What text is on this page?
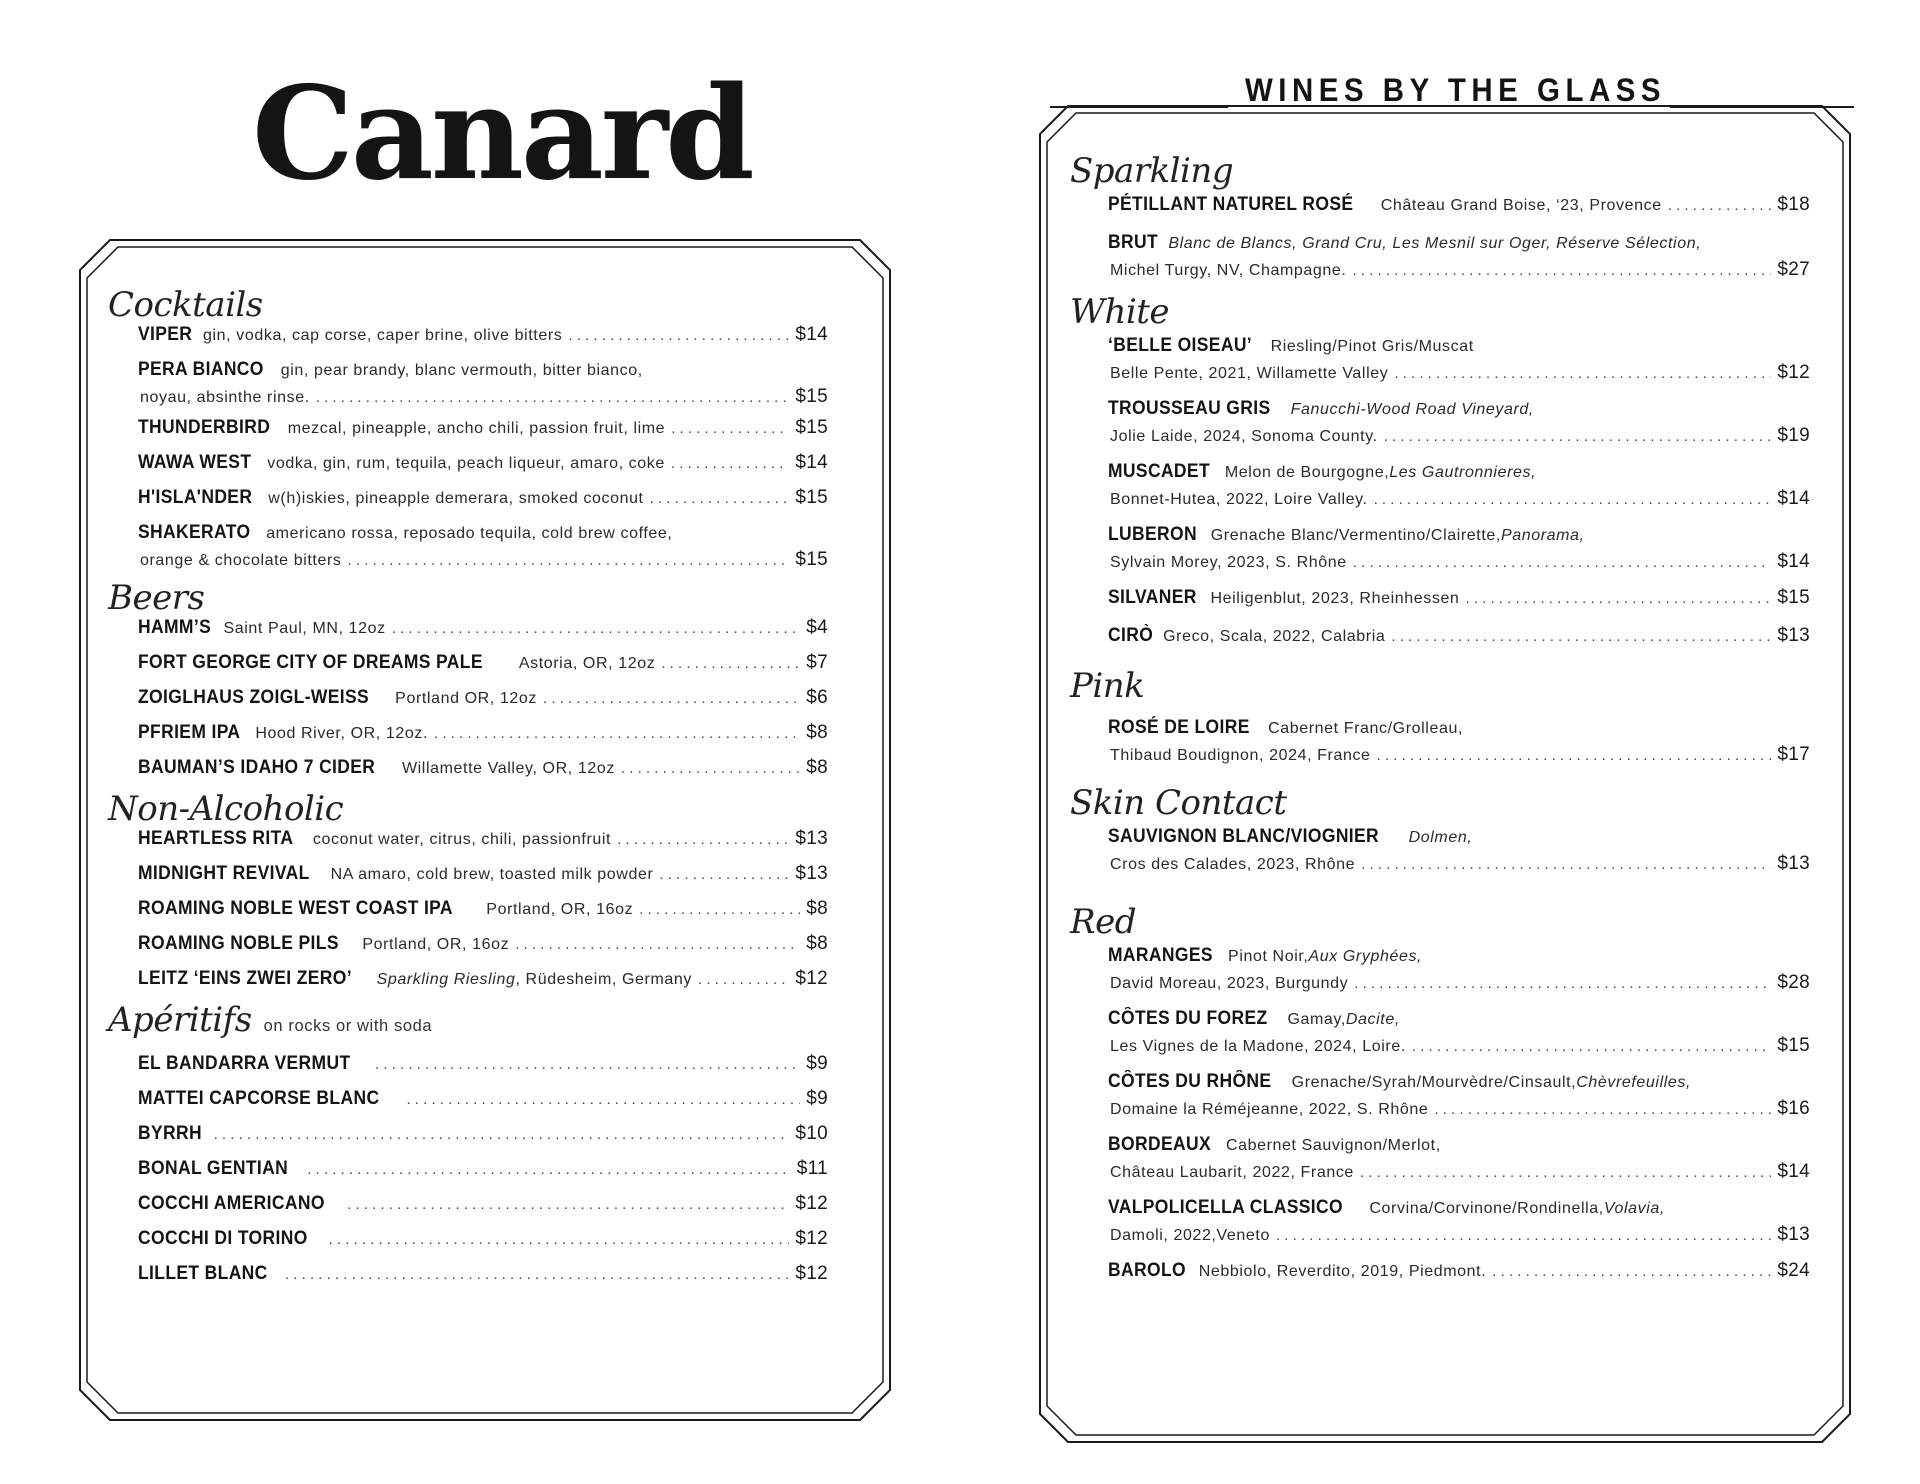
Canard
Cocktails
VIPER gin, vodka, cap corse, caper brine, olive bitters . . .	$14
PERA BIANCO gin, pear brandy, blanc vermouth, bitter bianco,
noyau, absinthe rinse. . . .	$15
THUNDERBIRD mezcal, pineapple, ancho chili, passion fruit, lime . . .	$15
WAWA WEST vodka, gin, rum, tequila, peach liqueur, amaro, coke . . .	$14
H'ISLA'NDER w(h)iskies, pineapple demerara, smoked coconut . . .	$15
SHAKERATO americano rossa, reposado tequila, cold brew coffee,
orange & chocolate bitters . . .	$15
Beers
HAMM’S Saint Paul, MN, 12oz . . .	$4
FORT GEORGE CITY OF DREAMS PALE Astoria, OR, 12oz . . .	$7
ZOIGLHAUS ZOIGL-WEISS Portland OR, 12oz . . .	$6
PFRIEM IPA Hood River, OR, 12oz. . . .	$8
BAUMAN’S IDAHO 7 CIDER Willamette Valley, OR, 12oz . . .	$8
Non-Alcoholic
HEARTLESS RITA coconut water, citrus, chili, passionfruit . . .	$13
MIDNIGHT REVIVAL NA amaro, cold brew, toasted milk powder . . .	$13
ROAMING NOBLE WEST COAST IPA Portland, OR, 16oz . . .	$8
ROAMING NOBLE PILS Portland, OR, 16oz . . .	$8
LEITZ ‘EINS ZWEI ZERO’ Sparkling Riesling , Rüdesheim, Germany . . .	$12
Apéritifs on rocks or with soda
EL BANDARRA VERMUT . . .	$9
MATTEI CAPCORSE BLANC . . .	$9
BYRRH . . .	$10
BONAL GENTIAN . . .	$11
COCCHI AMERICANO . . .	$12
COCCHI DI TORINO . . .	$12
LILLET BLANC . . .	$12
WINES BY THE GLASS
Sparkling
PÉTILLANT NATUREL ROSÉ Château Grand Boise, ‘23, Provence . . .	$18
BRUT Blanc de Blancs, Grand Cru, Les Mesnil sur Oger, Réserve Sélection,
Michel Turgy, NV, Champagne. . . .	$27
White
‘BELLE OISEAU’ Riesling/Pinot Gris/Muscat
Belle Pente, 2021, Willamette Valley . . .	$12
TROUSSEAU GRIS Fanucchi-Wood Road Vineyard,
Jolie Laide, 2024, Sonoma County. . . .	$19
MUSCADET Melon de Bourgogne, Les Gautronnieres,
Bonnet-Hutea, 2022, Loire Valley. . . .	$14
LUBERON Grenache Blanc/Vermentino/Clairette, Panorama,
Sylvain Morey, 2023, S. Rhône . . .	$14
SILVANER Heiligenblut, 2023, Rheinhessen . . .	$15
CIRÒ Greco, Scala, 2022, Calabria . . .	$13
Pink
ROSÉ DE LOIRE Cabernet Franc/Grolleau,
Thibaud Boudignon, 2024, France . . .	$17
Skin Contact
SAUVIGNON BLANC/VIOGNIER Dolmen,
Cros des Calades, 2023, Rhône . . .	$13
Red
MARANGES Pinot Noir, Aux Gryphées,
David Moreau, 2023, Burgundy . . .	$28
CÔTES DU FOREZ Gamay, Dacite,
Les Vignes de la Madone, 2024, Loire. . . .	$15
CÔTES DU RHÔNE Grenache/Syrah/Mourvèdre/Cinsault, Chèvrefeuilles,
Domaine la Réméjeanne, 2022, S. Rhône . . .	$16
BORDEAUX Cabernet Sauvignon/Merlot,
Château Laubarit, 2022, France . . .	$14
VALPOLICELLA CLASSICO Corvina/Corvinone/Rondinella, Volavia,
Damoli, 2022,Veneto . . .	$13
BAROLO Nebbiolo, Reverdito, 2019, Piedmont. . . .	$24
